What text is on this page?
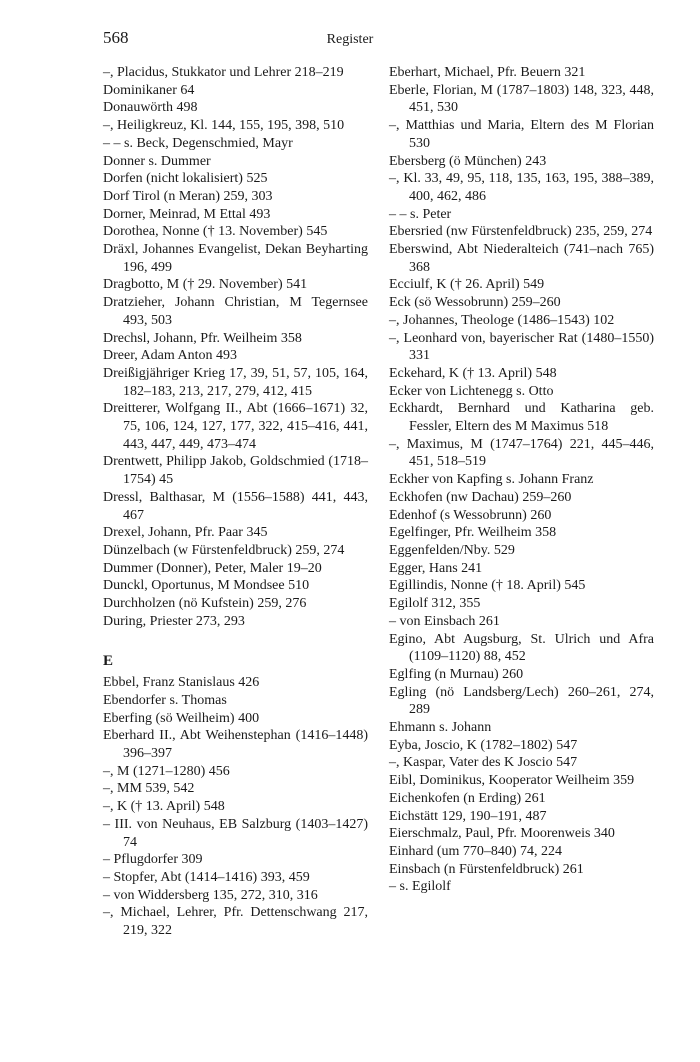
568	Register

–, Placidus, Stukkator und Lehrer 218–219

Dominikaner 64

Donauwörth 498

–, Heiligkreuz, Kl. 144, 155, 195, 398, 510

– – s. Beck, Degenschmied, Mayr

Donner s. Dummer

Dorfen (nicht lokalisiert) 525

Dorf Tirol (n Meran) 259, 303

Dorner, Meinrad, M Ettal 493

Dorothea, Nonne († 13. November) 545

Dräxl, Johannes Evangelist, Dekan Beyharting 196, 499

Dragbotto, M († 29. November) 541

Dratzieher, Johann Christian, M Tegernsee 493, 503

Drechsl, Johann, Pfr. Weilheim 358

Dreer, Adam Anton 493

Dreißigjähriger Krieg 17, 39, 51, 57, 105, 164, 182–183, 213, 217, 279, 412, 415

Dreitterer, Wolfgang II., Abt (1666–1671) 32, 75, 106, 124, 127, 177, 322, 415–416, 441, 443, 447, 449, 473–474

Drentwett, Philipp Jakob, Goldschmied (1718–1754) 45

Dressl, Balthasar, M (1556–1588) 441, 443, 467

Drexel, Johann, Pfr. Paar 345

Dünzelbach (w Fürstenfeldbruck) 259, 274

Dummer (Donner), Peter, Maler 19–20

Dunckl, Oportunus, M Mondsee 510

Durchholzen (nö Kufstein) 259, 276

During, Priester 273, 293

E

Ebbel, Franz Stanislaus 426

Ebendorfer s. Thomas

Eberfing (sö Weilheim) 400

Eberhard II., Abt Weihenstephan (1416–1448) 396–397

–, M (1271–1280) 456

–, MM 539, 542

–, K († 13. April) 548

– III. von Neuhaus, EB Salzburg (1403–1427) 74

– Pflugdorfer 309

– Stopfer, Abt (1414–1416) 393, 459

– von Widdersberg 135, 272, 310, 316

–, Michael, Lehrer, Pfr. Dettenschwang 217, 219, 322

Eberhart, Michael, Pfr. Beuern 321

Eberle, Florian, M (1787–1803) 148, 323, 448, 451, 530

–, Matthias und Maria, Eltern des M Florian 530

Ebersberg (ö München) 243

–, Kl. 33, 49, 95, 118, 135, 163, 195, 388–389, 400, 462, 486

– – s. Peter

Ebersried (nw Fürstenfeldbruck) 235, 259, 274

Eberswind, Abt Niederalteich (741–nach 765) 368

Ecciulf, K († 26. April) 549

Eck (sö Wessobrunn) 259–260

–, Johannes, Theologe (1486–1543) 102

–, Leonhard von, bayerischer Rat (1480–1550) 331

Eckehard, K († 13. April) 548

Ecker von Lichtenegg s. Otto

Eckhardt, Bernhard und Katharina geb. Fessler, Eltern des M Maximus 518

–, Maximus, M (1747–1764) 221, 445–446, 451, 518–519

Eckher von Kapfing s. Johann Franz

Eckhofen (nw Dachau) 259–260

Edenhof (s Wessobrunn) 260

Egelfinger, Pfr. Weilheim 358

Eggenfelden/Nby. 529

Egger, Hans 241

Egillindis, Nonne († 18. April) 545

Egilolf 312, 355

– von Einsbach 261

Egino, Abt Augsburg, St. Ulrich und Afra (1109–1120) 88, 452

Eglfing (n Murnau) 260

Egling (nö Landsberg/Lech) 260–261, 274, 289

Ehmann s. Johann

Eyba, Joscio, K (1782–1802) 547

–, Kaspar, Vater des K Joscio 547

Eibl, Dominikus, Kooperator Weilheim 359

Eichenkofen (n Erding) 261

Eichstätt 129, 190–191, 487

Eierschmalz, Paul, Pfr. Moorenweis 340

Einhard (um 770–840) 74, 224

Einsbach (n Fürstenfeldbruck) 261

– s. Egilolf
